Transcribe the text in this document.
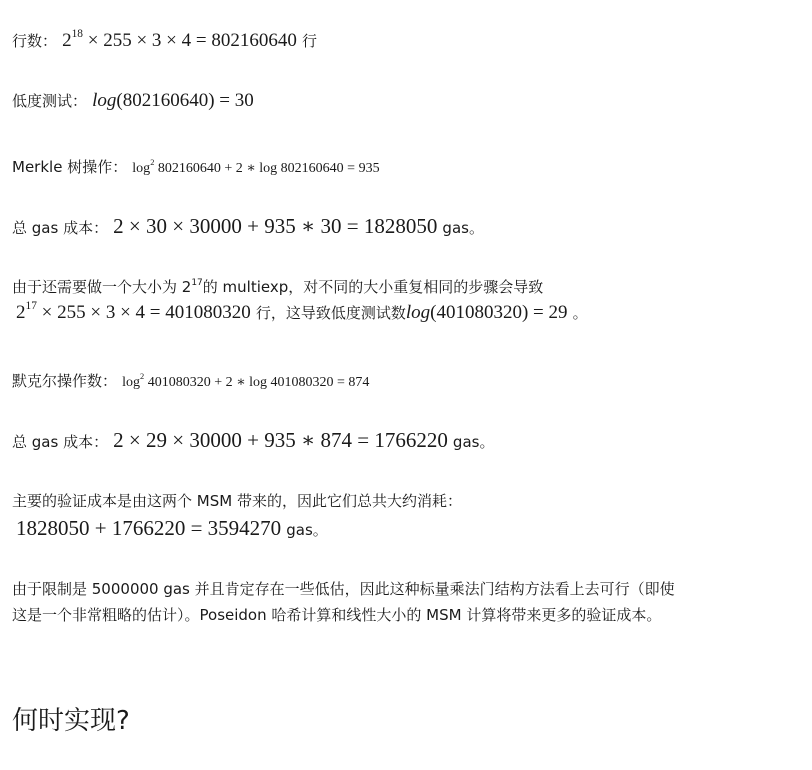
行数： $2^{18} \times 255 \times 3 \times 4 = 802160640$ 行
低度测试： log(802160640) = 30
Merkle 树操作： $\log^2 802160640 + 2$ ∗ log 802160640 = 935
总 gas 成本： 2 × 30 × 30000 + 935 ∗ 30 = 1828050 gas。
由于还需要做一个大小为 $2^{17}$的 multiexp，对不同的大小重复相同的步骤会导致
$2^{17} \times 255 \times 3 \times 4 = 401080320$ 行，这导致低度测试数log(401080320) = 29 。
默克尔操作数： $\log^2 401080320 + 2$ ∗ log 401080320 = 874
总 gas 成本： 2 × 29 × 30000 + 935 ∗ 874 = 1766220 gas。
主要的验证成本是由这两个 MSM 带来的，因此它们总共大约消耗：
1828050 + 1766220 = 3594270 gas。
由于限制是 5000000 gas 并且肯定存在一些低估，因此这种标量乘法门结构方法看上去可行（即使
这是一个非常粗略的估计）。Poseidon 哈希计算和线性大小的 MSM 计算将带来更多的验证成本。
何时实现?
